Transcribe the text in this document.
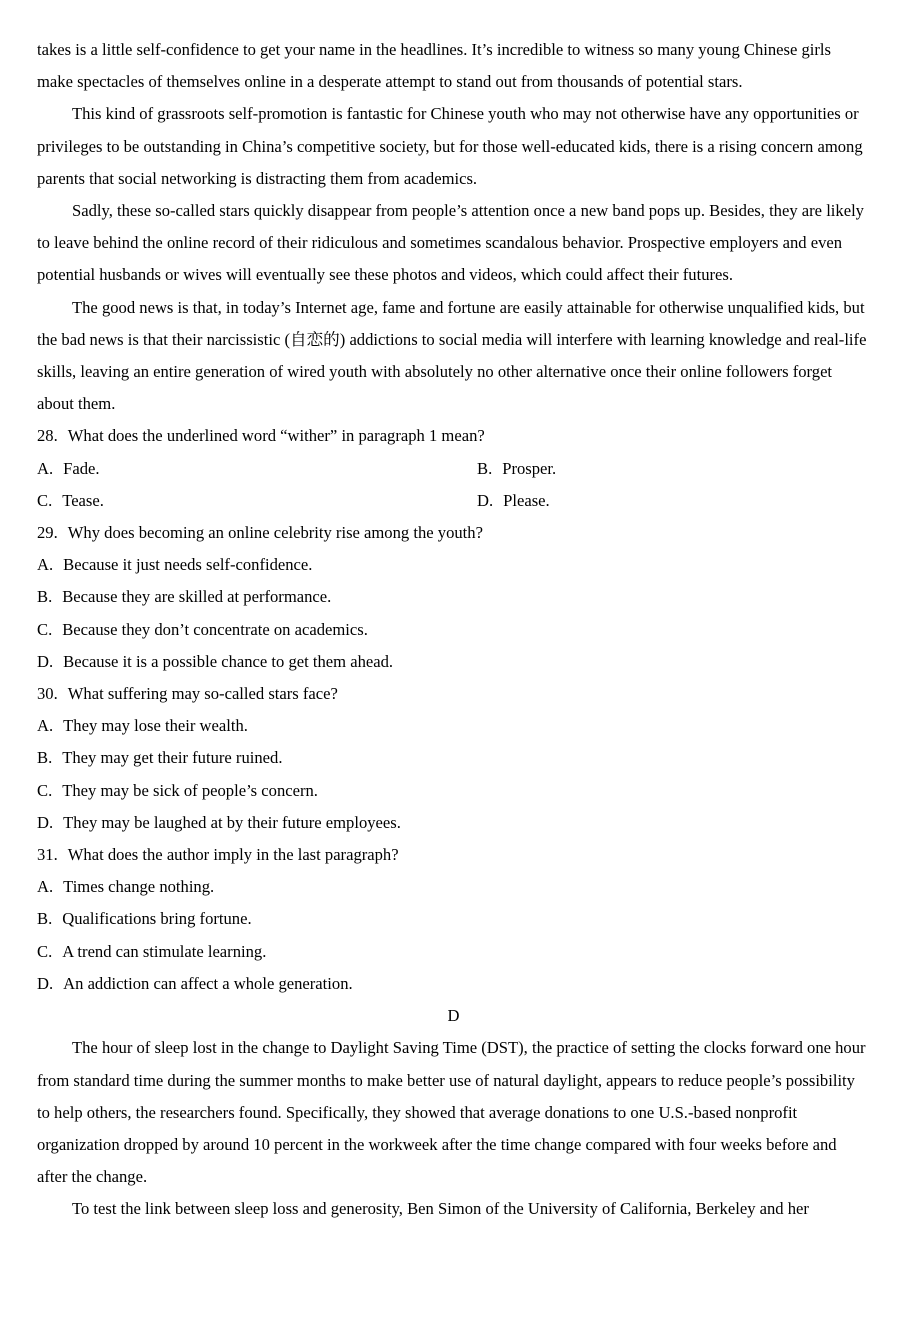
takes is a little self-confidence to get your name in the headlines. It’s incredible to witness so many young Chinese girls make spectacles of themselves online in a desperate attempt to stand out from thousands of potential stars.

This kind of grassroots self-promotion is fantastic for Chinese youth who may not otherwise have any opportunities or privileges to be outstanding in China’s competitive society, but for those well-educated kids, there is a rising concern among parents that social networking is distracting them from academics.

Sadly, these so-called stars quickly disappear from people’s attention once a new band pops up. Besides, they are likely to leave behind the online record of their ridiculous and sometimes scandalous behavior. Prospective employers and even potential husbands or wives will eventually see these photos and videos, which could affect their futures.

The good news is that, in today’s Internet age, fame and fortune are easily attainable for otherwise unqualified kids, but the bad news is that their narcissistic (自恋的) addictions to social media will interfere with learning knowledge and real-life skills, leaving an entire generation of wired youth with absolutely no other alternative once their online followers forget about them.

28. What does the underlined word “wither” in paragraph 1 mean?

A. Fade.	B. Prosper.

C. Tease.	D. Please.

29. Why does becoming an online celebrity rise among the youth?

A. Because it just needs self-confidence.

B. Because they are skilled at performance.

C. Because they don’t concentrate on academics.

D. Because it is a possible chance to get them ahead.

30. What suffering may so-called stars face?

A. They may lose their wealth.

B. They may get their future ruined.

C. They may be sick of people’s concern.

D. They may be laughed at by their future employees.

31. What does the author imply in the last paragraph?

A. Times change nothing.

B. Qualifications bring fortune.

C. A trend can stimulate learning.

D. An addiction can affect a whole generation.

D

The hour of sleep lost in the change to Daylight Saving Time (DST), the practice of setting the clocks forward one hour from standard time during the summer months to make better use of natural daylight, appears to reduce people’s possibility to help others, the researchers found. Specifically, they showed that average donations to one U.S.-based nonprofit organization dropped by around 10 percent in the workweek after the time change compared with four weeks before and after the change.

To test the link between sleep loss and generosity, Ben Simon of the University of California, Berkeley and her
